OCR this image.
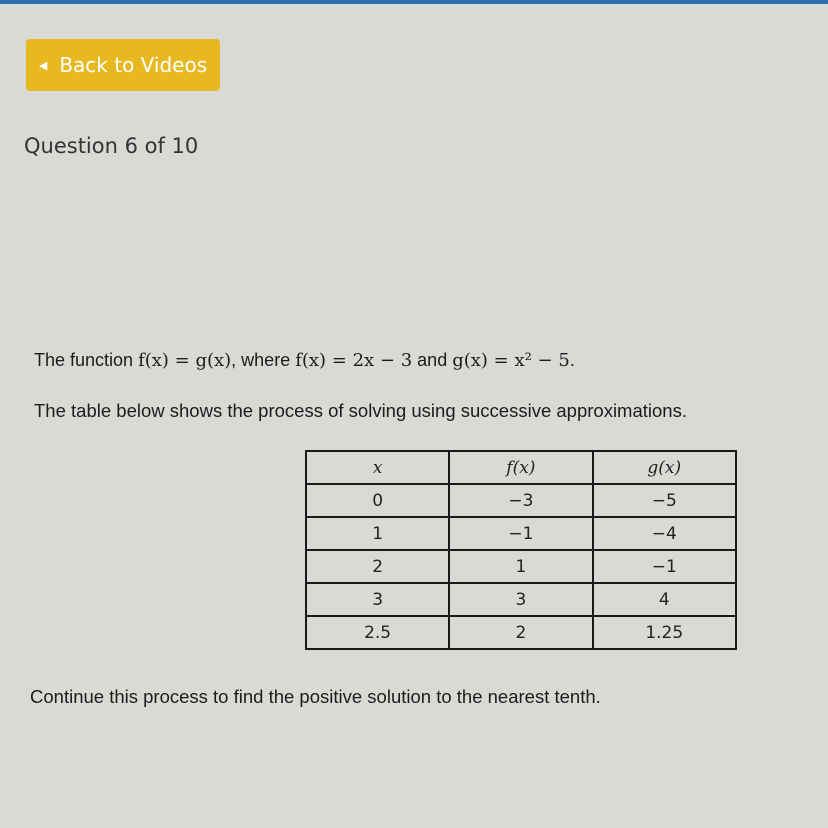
◀ Back to Videos
Question 6 of 10
The function f(x) = g(x), where f(x) = 2x − 3 and g(x) = x² − 5.
The table below shows the process of solving using successive approximations.
x	f(x)	g(x)
0	−3	−5
1	−1	−4
2	1	−1
3	3	4
2.5	2	1.25
Continue this process to find the positive solution to the nearest tenth.
